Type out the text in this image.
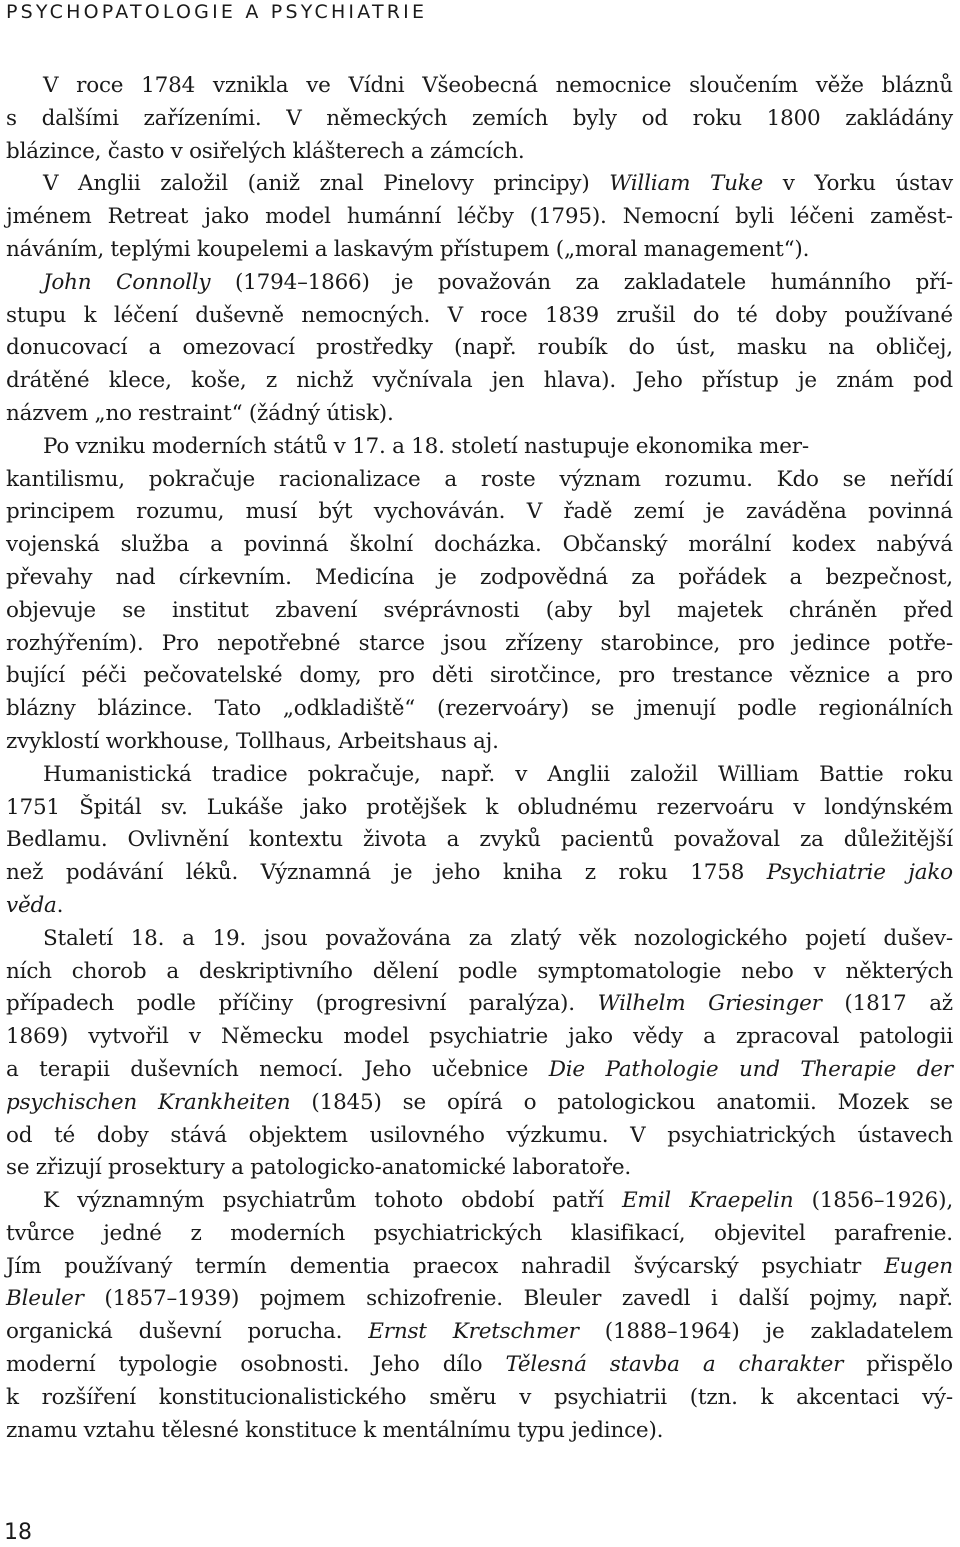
PSYCHOPATOLOGIE A PSYCHIATRIE
V roce 1784 vznikla ve Vídni Všeobecná nemocnice sloučením věže bláznů
s dalšími zařízeními. V německých zemích byly od roku 1800 zakládány
blázince, často v osiřelých klášterech a zámcích.
V Anglii založil (aniž znal Pinelovy principy) William Tuke v Yorku ústav
jménem Retreat jako model humánní léčby (1795). Nemocní byli léčeni zaměst-
náváním, teplými koupelemi a laskavým přístupem („moral management“).
John Connolly (1794–1866) je považován za zakladatele humánního pří-
stupu k léčení duševně nemocných. V roce 1839 zrušil do té doby používané
donucovací a omezovací prostředky (např. roubík do úst, masku na obličej,
drátěné klece, koše, z nichž vyčnívala jen hlava). Jeho přístup je znám pod
názvem „no restraint“ (žádný útisk).
Po vzniku moderních států v 17. a 18. století nastupuje ekonomika mer-
kantilismu, pokračuje racionalizace a roste význam rozumu. Kdo se neřídí
principem rozumu, musí být vychováván. V řadě zemí je zaváděna povinná
vojenská služba a povinná školní docházka. Občanský morální kodex nabývá
převahy nad církevním. Medicína je zodpovědná za pořádek a bezpečnost,
objevuje se institut zbavení svéprávnosti (aby byl majetek chráněn před
rozhýřením). Pro nepotřebné starce jsou zřízeny starobince, pro jedince potře-
bující péči pečovatelské domy, pro děti sirotčince, pro trestance věznice a pro
blázny blázince. Tato „odkladiště“ (rezervoáry) se jmenují podle regionálních
zvyklostí workhouse, Tollhaus, Arbeitshaus aj.
Humanistická tradice pokračuje, např. v Anglii založil William Battie roku
1751 Špitál sv. Lukáše jako protějšek k obludnému rezervoáru v londýnském
Bedlamu. Ovlivnění kontextu života a zvyků pacientů považoval za důležitější
než podávání léků. Významná je jeho kniha z roku 1758 Psychiatrie jako
věda.
Staletí 18. a 19. jsou považována za zlatý věk nozologického pojetí dušev-
ních chorob a deskriptivního dělení podle symptomatologie nebo v některých
případech podle příčiny (progresivní paralýza). Wilhelm Griesinger (1817 až
1869) vytvořil v Německu model psychiatrie jako vědy a zpracoval patologii
a terapii duševních nemocí. Jeho učebnice Die Pathologie und Therapie der
psychischen Krankheiten (1845) se opírá o patologickou anatomii. Mozek se
od té doby stává objektem usilovného výzkumu. V psychiatrických ústavech
se zřizují prosektury a patologicko-anatomické laboratoře.
K významným psychiatrům tohoto období patří Emil Kraepelin (1856–1926),
tvůrce jedné z moderních psychiatrických klasifikací, objevitel parafrenie.
Jím používaný termín dementia praecox nahradil švýcarský psychiatr Eugen
Bleuler (1857–1939) pojmem schizofrenie. Bleuler zavedl i další pojmy, např.
organická duševní porucha. Ernst Kretschmer (1888–1964) je zakladatelem
moderní typologie osobnosti. Jeho dílo Tělesná stavba a charakter přispělo
k rozšíření konstitucionalistického směru v psychiatrii (tzn. k akcentaci vý-
znamu vztahu tělesné konstituce k mentálnímu typu jedince).
18
